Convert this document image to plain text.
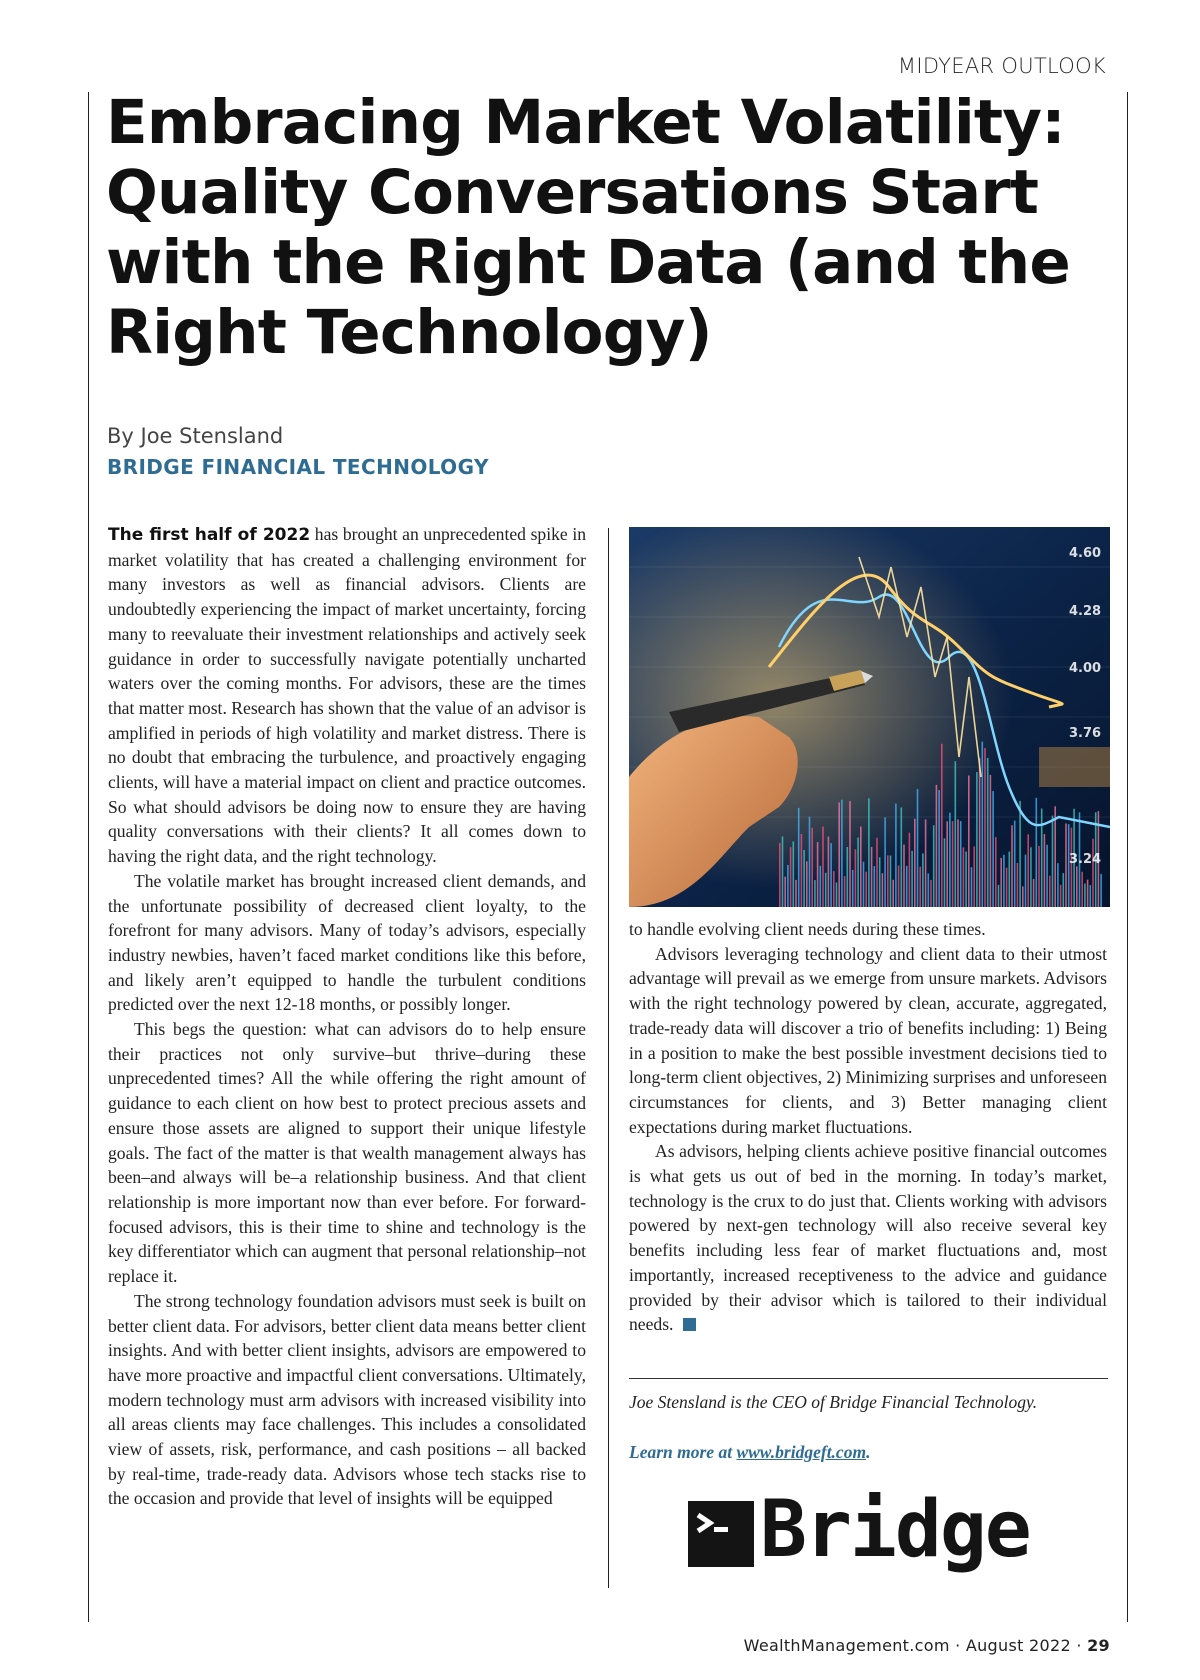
MIDYEAR OUTLOOK
Embracing Market Volatility: Quality Conversations Start with the Right Data (and the Right Technology)
By Joe Stensland
BRIDGE FINANCIAL TECHNOLOGY

The first half of 2022 has brought an unprecedented spike in market volatility that has created a challenging environment for many investors as well as financial advisors. Clients are undoubtedly experiencing the impact of market uncertainty, forcing many to reevaluate their investment relationships and actively seek guidance in order to successfully navigate potentially uncharted waters over the coming months. For advisors, these are the times that matter most. Research has shown that the value of an advisor is amplified in periods of high volatility and market distress. There is no doubt that embracing the turbulence, and proactively engaging clients, will have a material impact on client and practice outcomes. So what should advisors be doing now to ensure they are having quality conversations with their clients? It all comes down to having the right data, and the right technology.

The volatile market has brought increased client demands, and the unfortunate possibility of decreased client loyalty, to the forefront for many advisors. Many of today’s advisors, especially industry newbies, haven’t faced market conditions like this before, and likely aren’t equipped to handle the turbulent conditions predicted over the next 12-18 months, or possibly longer.

This begs the question: what can advisors do to help ensure their practices not only survive–but thrive–during these unprecedented times? All the while offering the right amount of guidance to each client on how best to protect precious assets and ensure those assets are aligned to support their unique lifestyle goals. The fact of the matter is that wealth management always has been–and always will be–a relationship business. And that client relationship is more important now than ever before. For forward-focused advisors, this is their time to shine and technology is the key differentiator which can augment that personal relationship–not replace it.

The strong technology foundation advisors must seek is built on better client data. For advisors, better client data means better client insights. And with better client insights, advisors are empowered to have more proactive and impactful client conversations. Ultimately, modern technology must arm advisors with increased visibility into all areas clients may face challenges. This includes a consolidated view of assets, risk, performance, and cash positions – all backed by real-time, trade-ready data. Advisors whose tech stacks rise to the occasion and provide that level of insights will be equipped

4.60
4.28
4.00
3.76
3.24

to handle evolving client needs during these times.

Advisors leveraging technology and client data to their utmost advantage will prevail as we emerge from unsure markets. Advisors with the right technology powered by clean, accurate, aggregated, trade-ready data will discover a trio of benefits including: 1) Being in a position to make the best possible investment decisions tied to long-term client objectives, 2) Minimizing surprises and unforeseen circumstances for clients, and 3) Better managing client expectations during market fluctuations.

As advisors, helping clients achieve positive financial outcomes is what gets us out of bed in the morning. In today’s market, technology is the crux to do just that. Clients working with advisors powered by next-gen technology will also receive several key benefits including less fear of market fluctuations and, most importantly, increased receptiveness to the advice and guidance provided by their advisor which is tailored to their individual needs.

Joe Stensland is the CEO of Bridge Financial Technology.
Learn more at www.bridgeft.com.
Bridge
WealthManagement.com · August 2022 · 29
